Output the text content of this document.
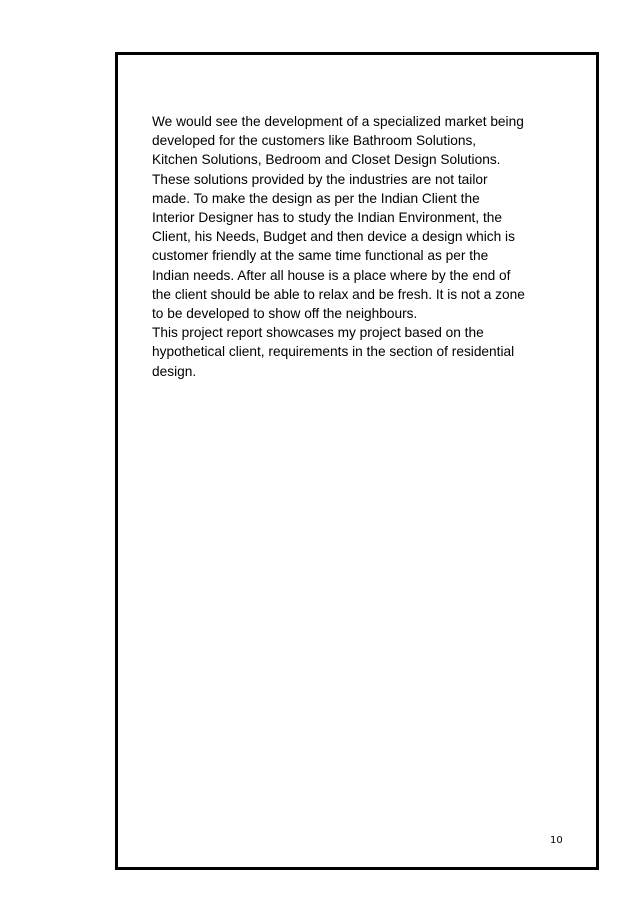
We would see the development of a specialized market being
developed for the customers like Bathroom Solutions,
Kitchen Solutions, Bedroom and Closet Design Solutions.
These solutions provided by the industries are not tailor
made. To make the design as per the Indian Client the
Interior Designer has to study the Indian Environment, the
Client, his Needs, Budget and then device a design which is
customer friendly at the same time functional as per the
Indian needs. After all house is a place where by the end of
the client should be able to relax and be fresh. It is not a zone
to be developed to show off the neighbours.
This project report showcases my project based on the
hypothetical client, requirements in the section of residential
design.

10
